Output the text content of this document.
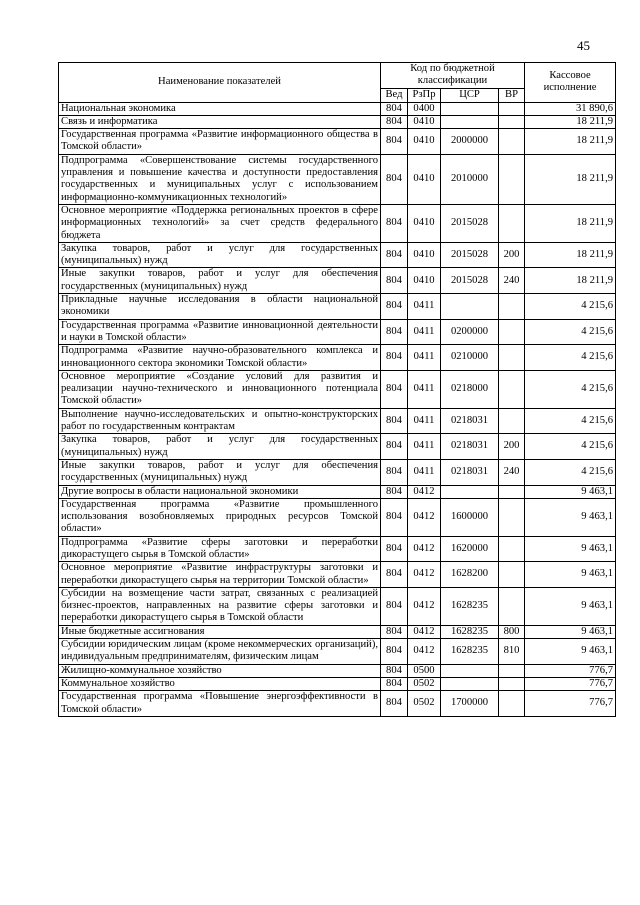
45
Наименование показателей	Код по бюджетной классификации				Кассовое исполнение
	Вед	РзПр	ЦСР	ВР	
Национальная экономика	804	0400			31 890,6
Связь и информатика	804	0410			18 211,9
Государственная программа «Развитие информационного общества в Томской области»	804	0410	2000000		18 211,9
Подпрограмма «Совершенствование системы государственного управления и повышение качества и доступности предоставления государственных и муниципальных услуг с использованием информационно-коммуникационных технологий»	804	0410	2010000		18 211,9
Основное мероприятие «Поддержка региональных проектов в сфере информационных технологий» за счет средств федерального бюджета	804	0410	2015028		18 211,9
Закупка товаров, работ и услуг для государственных (муниципальных) нужд	804	0410	2015028	200	18 211,9
Иные закупки товаров, работ и услуг для обеспечения государственных (муниципальных) нужд	804	0410	2015028	240	18 211,9
Прикладные научные исследования в области национальной экономики	804	0411			4 215,6
Государственная программа «Развитие инновационной деятельности и науки в Томской области»	804	0411	0200000		4 215,6
Подпрограмма «Развитие научно-образовательного комплекса и инновационного сектора экономики Томской области»	804	0411	0210000		4 215,6
Основное мероприятие «Создание условий для развития и реализации научно-технического и инновационного потенциала Томской области»	804	0411	0218000		4 215,6
Выполнение научно-исследовательских и опытно-конструкторских работ по государственным контрактам	804	0411	0218031		4 215,6
Закупка товаров, работ и услуг для государственных (муниципальных) нужд	804	0411	0218031	200	4 215,6
Иные закупки товаров, работ и услуг для обеспечения государственных (муниципальных) нужд	804	0411	0218031	240	4 215,6
Другие вопросы в области национальной экономики	804	0412			9 463,1
Государственная программа «Развитие промышленного использования возобновляемых природных ресурсов Томской области»	804	0412	1600000		9 463,1
Подпрограмма «Развитие сферы заготовки и переработки дикорастущего сырья в Томской области»	804	0412	1620000		9 463,1
Основное мероприятие «Развитие инфраструктуры заготовки и переработки дикорастущего сырья на территории Томской области»	804	0412	1628200		9 463,1
Субсидии на возмещение части затрат, связанных с реализацией бизнес-проектов, направленных на развитие сферы заготовки и переработки дикорастущего сырья в Томской области	804	0412	1628235		9 463,1
Иные бюджетные ассигнования	804	0412	1628235	800	9 463,1
Субсидии юридическим лицам (кроме некоммерческих организаций), индивидуальным предпринимателям, физическим лицам	804	0412	1628235	810	9 463,1
Жилищно-коммунальное хозяйство	804	0500			776,7
Коммунальное хозяйство	804	0502			776,7
Государственная программа «Повышение энергоэффективности в Томской области»	804	0502	1700000		776,7
